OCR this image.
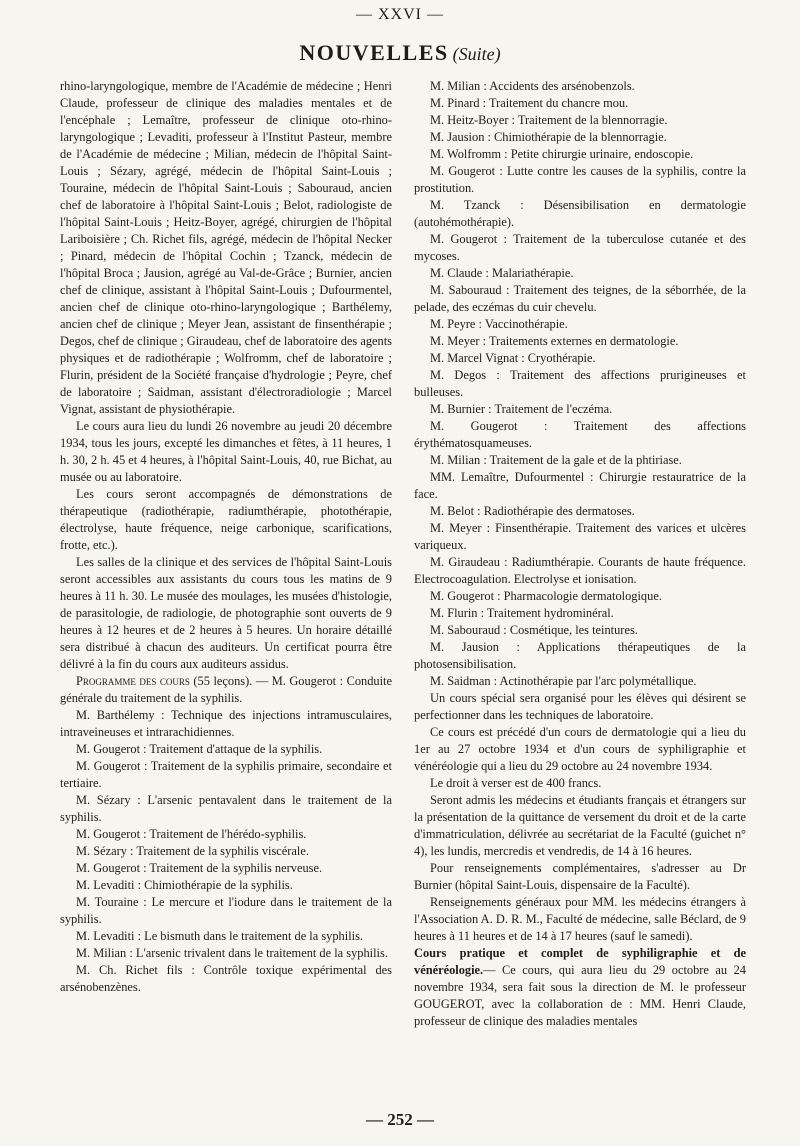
— XXVI —
NOUVELLES (Suite)

rhino-laryngologique, membre de l'Académie de médecine ; Henri Claude, professeur de clinique des maladies mentales et de l'encéphale ; Lemaître, professeur de clinique oto-rhino-laryngologique ; Levaditi, professeur à l'Institut Pasteur, membre de l'Académie de médecine ; Milian, médecin de l'hôpital Saint-Louis ; Sézary, agrégé, médecin de l'hôpital Saint-Louis ; Touraine, médecin de l'hôpital Saint-Louis ; Sabouraud, ancien chef de laboratoire à l'hôpital Saint-Louis ; Belot, radiologiste de l'hôpital Saint-Louis ; Heitz-Boyer, agrégé, chirurgien de l'hôpital Lariboisière ; Ch. Richet fils, agrégé, médecin de l'hôpital Necker ; Pinard, médecin de l'hôpital Cochin ; Tzanck, médecin de l'hôpital Broca ; Jausion, agrégé au Val-de-Grâce ; Burnier, ancien chef de clinique, assistant à l'hôpital Saint-Louis ; Dufourmentel, ancien chef de clinique oto-rhino-laryngologique ; Barthélemy, ancien chef de clinique ; Meyer Jean, assistant de finsenthérapie ; Degos, chef de clinique ; Giraudeau, chef de laboratoire des agents physiques et de radiothérapie ; Wolfromm, chef de laboratoire ; Flurin, président de la Société française d'hydrologie ; Peyre, chef de laboratoire ; Saidman, assistant d'électroradiologie ; Marcel Vignat, assistant de physiothérapie.

Le cours aura lieu du lundi 26 novembre au jeudi 20 décembre 1934, tous les jours, excepté les dimanches et fêtes, à 11 heures, 1 h. 30, 2 h. 45 et 4 heures, à l'hôpital Saint-Louis, 40, rue Bichat, au musée ou au laboratoire.

Les cours seront accompagnés de démonstrations de thérapeutique (radiothérapie, radiumthérapie, photothérapie, électrolyse, haute fréquence, neige carbonique, scarifications, frotte, etc.).

Les salles de la clinique et des services de l'hôpital Saint-Louis seront accessibles aux assistants du cours tous les matins de 9 heures à 11 h. 30. Le musée des moulages, les musées d'histologie, de parasitologie, de radiologie, de photographie sont ouverts de 9 heures à 12 heures et de 2 heures à 5 heures. Un horaire détaillé sera distribué à chacun des auditeurs. Un certificat pourra être délivré à la fin du cours aux auditeurs assidus.

Programme des cours (55 leçons). — M. Gougerot : Conduite générale du traitement de la syphilis.

M. Barthélemy : Technique des injections intramusculaires, intraveineuses et intrarachidiennes.

M. Gougerot : Traitement d'attaque de la syphilis.

M. Gougerot : Traitement de la syphilis primaire, secondaire et tertiaire.

M. Sézary : L'arsenic pentavalent dans le traitement de la syphilis.

M. Gougerot : Traitement de l'hérédo-syphilis.

M. Sézary : Traitement de la syphilis viscérale.

M. Gougerot : Traitement de la syphilis nerveuse.

M. Levaditi : Chimiothérapie de la syphilis.

M. Touraine : Le mercure et l'iodure dans le traitement de la syphilis.

M. Levaditi : Le bismuth dans le traitement de la syphilis.

M. Milian : L'arsenic trivalent dans le traitement de la syphilis.

M. Ch. Richet fils : Contrôle toxique expérimental des arsénobenzènes.

M. Milian : Accidents des arsénobenzols.

M. Pinard : Traitement du chancre mou.

M. Heitz-Boyer : Traitement de la blennorragie.

M. Jausion : Chimiothérapie de la blennorragie.

M. Wolfromm : Petite chirurgie urinaire, endoscopie.

M. Gougerot : Lutte contre les causes de la syphilis, contre la prostitution.

M. Tzanck : Désensibilisation en dermatologie (autohémothérapie).

M. Gougerot : Traitement de la tuberculose cutanée et des mycoses.

M. Claude : Malariathérapie.

M. Sabouraud : Traitement des teignes, de la séborrhée, de la pelade, des eczémas du cuir chevelu.

M. Peyre : Vaccinothérapie.

M. Meyer : Traitements externes en dermatologie.

M. Marcel Vignat : Cryothérapie.

M. Degos : Traitement des affections prurigineuses et bulleuses.

M. Burnier : Traitement de l'eczéma.

M. Gougerot : Traitement des affections érythématosquameuses.

M. Milian : Traitement de la gale et de la phtiriase.

MM. Lemaître, Dufourmentel : Chirurgie restauratrice de la face.

M. Belot : Radiothérapie des dermatoses.

M. Meyer : Finsenthérapie. Traitement des varices et ulcères variqueux.

M. Giraudeau : Radiumthérapie. Courants de haute fréquence. Electrocoagulation. Electrolyse et ionisation.

M. Gougerot : Pharmacologie dermatologique.

M. Flurin : Traitement hydrominéral.

M. Sabouraud : Cosmétique, les teintures.

M. Jausion : Applications thérapeutiques de la photosensibilisation.

M. Saidman : Actinothérapie par l'arc polymétallique.

Un cours spécial sera organisé pour les élèves qui désirent se perfectionner dans les techniques de laboratoire.

Ce cours est précédé d'un cours de dermatologie qui a lieu du 1er au 27 octobre 1934 et d'un cours de syphiligraphie et vénéréologie qui a lieu du 29 octobre au 24 novembre 1934.

Le droit à verser est de 400 francs.

Seront admis les médecins et étudiants français et étrangers sur la présentation de la quittance de versement du droit et de la carte d'immatriculation, délivrée au secrétariat de la Faculté (guichet n° 4), les lundis, mercredis et vendredis, de 14 à 16 heures.

Pour renseignements complémentaires, s'adresser au Dr Burnier (hôpital Saint-Louis, dispensaire de la Faculté).

Renseignements généraux pour MM. les médecins étrangers à l'Association A. D. R. M., Faculté de médecine, salle Béclard, de 9 heures à 11 heures et de 14 à 17 heures (sauf le samedi).

Cours pratique et complet de syphiligraphie et de vénéréologie.— Ce cours, qui aura lieu du 29 octobre au 24 novembre 1934, sera fait sous la direction de M. le professeur GOUGEROT, avec la collaboration de : MM. Henri Claude, professeur de clinique des maladies mentales

— 252 —
